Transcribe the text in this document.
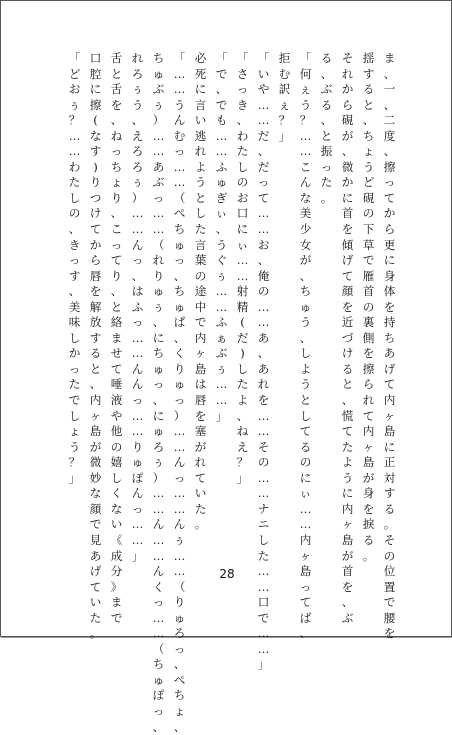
ま、一、二度、擦ってから更に身体を持ちあげて内ヶ島に正対する。その位置で腰を
揺すると、ちょうど硯の下草で雁首の裏側を擦られて内ヶ島が身を捩る。
それから硯が、微かに首を傾げて顔を近づけると、慌てたように内ヶ島が首を、ぶ
る、ぶる、と振った。
「何ぇう？……こんな美少女が、ちゅう、しようとしてるのにぃ……内ヶ島ってば、
拒む訳ぇ？」
「いや……だ、だって……お、俺の……あ、あれを……その……ナニした……口で……」
「さっき、わたしのお口にぃ……射精(だ)したよ、ねえ？」
「で、でも……ふゅぎぃ、うぐぅ……ふぁぶぅ……」
必死に言い逃れようとした言葉の途中で内ヶ島は唇を塞がれていた。
「……うんむっ……（ぺちゅっ、ちゅぱ、くりゅっ）……んっ……んぅ……（りゅろっ、ぺちょ、
ちゅぷぅ）……あぶっ……（れりゅぅ、にちゅっ、にゅろぅ）……ん……んくっ……（ちゅぽっ、
れろぅう、えろろぅ）……んっ、はふっ……んんっ……りゅぽんっ……」
舌と舌を、ねっちょり、こってり、と絡ませて唾液や他の嬉しくない《成分》まで
口腔に擦(なす)りつけてから唇を解放すると、内ヶ島が微妙な顔で見あげていた。
「どおぅ？……わたしの、きっす、美味しかったでしょう？」
28
